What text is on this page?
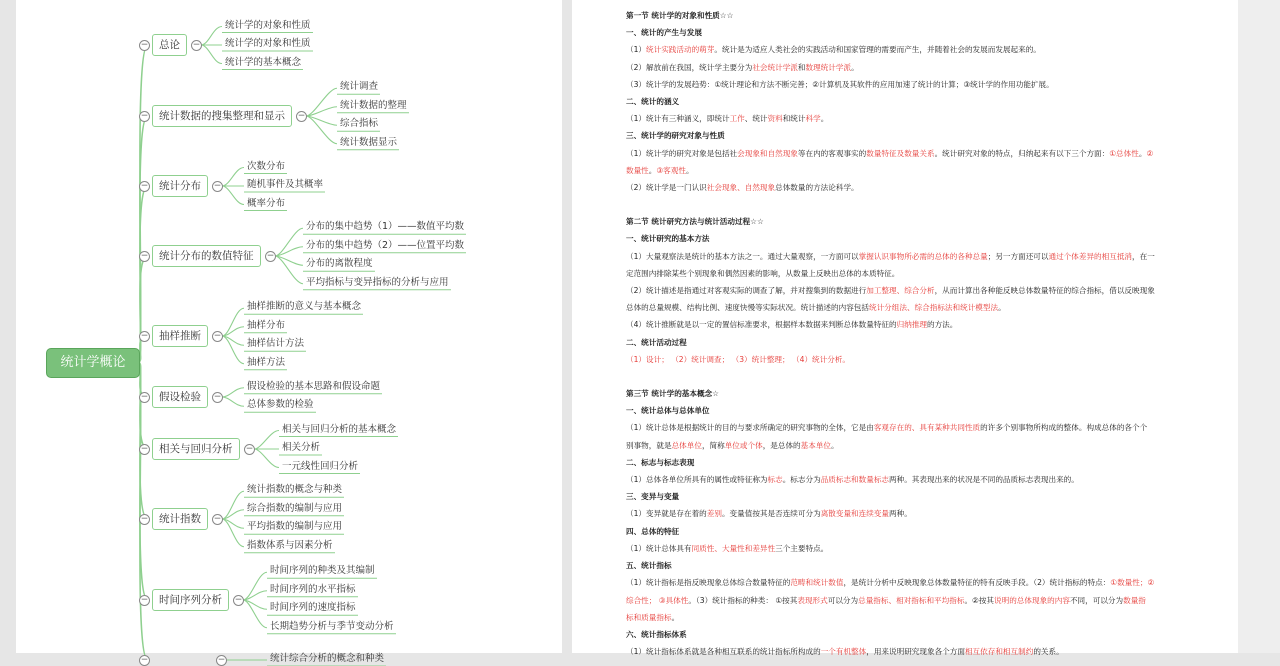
统计学概论
−	总论	−
统计学的对象和性质
统计学的对象和性质
统计学的基本概念
−	统计数据的搜集整理和显示	−
统计调查
统计数据的整理
综合指标
统计数据显示
−	统计分布	−
次数分布
随机事件及其概率
概率分布
−	统计分布的数值特征	−
分布的集中趋势（1）——数值平均数
分布的集中趋势（2）——位置平均数
分布的离散程度
平均指标与变异指标的分析与应用
−	抽样推断	−
抽样推断的意义与基本概念
抽样分布
抽样估计方法
抽样方法
−	假设检验	−
假设检验的基本思路和假设命题
总体参数的检验
−	相关与回归分析	−
相关与回归分析的基本概念
相关分析
一元线性回归分析
−	统计指数	−
统计指数的概念与种类
综合指数的编制与应用
平均指数的编制与应用
指数体系与因素分析
−	时间序列分析	−
时间序列的种类及其编制
时间序列的水平指标
时间序列的速度指标
长期趋势分析与季节变动分析
−	−	统计综合分析的概念和种类
第一节 统计学的对象和性质☆☆
一、统计的产生与发展
（1）统计实践活动的萌芽。统计是为适应人类社会的实践活动和国家管理的需要而产生，并随着社会的发展而发展起来的。
（2）解放前在我国，统计学主要分为社会统计学派和数理统计学派。
（3）统计学的发展趋势：①统计理论和方法不断完善；②计算机及其软件的应用加速了统计的计算；③统计学的作用功能扩展。
二、统计的涵义
（1）统计有三种涵义，即统计工作、统计资料和统计科学。
三、统计学的研究对象与性质
（1）统计学的研究对象是包括社会现象和自然现象等在内的客观事实的数量特征及数量关系。统计研究对象的特点，归纳起来有以下三个方面：①总体性。②
数量性。③客观性。
（2）统计学是一门认识社会现象、自然现象总体数量的方法论科学。
第二节 统计研究方法与统计活动过程☆☆
一、统计研究的基本方法
（1）大量观察法是统计的基本方法之一。通过大量观察，一方面可以掌握认识事物所必需的总体的各种总量；另一方面还可以通过个体差异的相互抵消，在一
定范围内排除某些个别现象和偶然因素的影响，从数量上反映出总体的本质特征。
（2）统计描述是指通过对客观实际的调查了解，并对搜集到的数据进行加工整理、综合分析，从而计算出各种能反映总体数量特征的综合指标，借以反映现象
总体的总量规模、结构比例、速度快慢等实际状况。统计描述的内容包括统计分组法、综合指标法和统计模型法。
（4）统计推断就是以一定的置信标准要求，根据样本数据来判断总体数量特征的归纳推理的方法。
二、统计活动过程
（1）设计； （2）统计调查； （3）统计整理； （4）统计分析。
第三节 统计学的基本概念☆
一、统计总体与总体单位
（1）统计总体是根据统计的目的与要求所确定的研究事物的全体，它是由客观存在的、具有某种共同性质的许多个别事物所构成的整体。构成总体的各个个
别事物，就是总体单位，简称单位或个体，是总体的基本单位。
二、标志与标志表现
（1）总体各单位所具有的属性或特征称为标志。标志分为品质标志和数量标志两种。其表现出来的状况是不同的品质标志表现出来的。
三、变异与变量
（1）变异就是存在着的差别。变量值按其是否连续可分为离散变量和连续变量两种。
四、总体的特征
（1）统计总体具有同质性、大量性和差异性三个主要特点。
五、统计指标
（1）统计指标是指反映现象总体综合数量特征的范畴和统计数值，是统计分析中反映现象总体数量特征的特有反映手段。（2）统计指标的特点：①数量性；②
综合性； ③具体性。（3）统计指标的种类： ①按其表现形式可以分为总量指标、相对指标和平均指标。②按其说明的总体现象的内容不同，可以分为数量指
标和质量指标。
六、统计指标体系
（1）统计指标体系就是各种相互联系的统计指标所构成的一个有机整体，用来说明研究现象各个方面相互依存和相互制约的关系。
